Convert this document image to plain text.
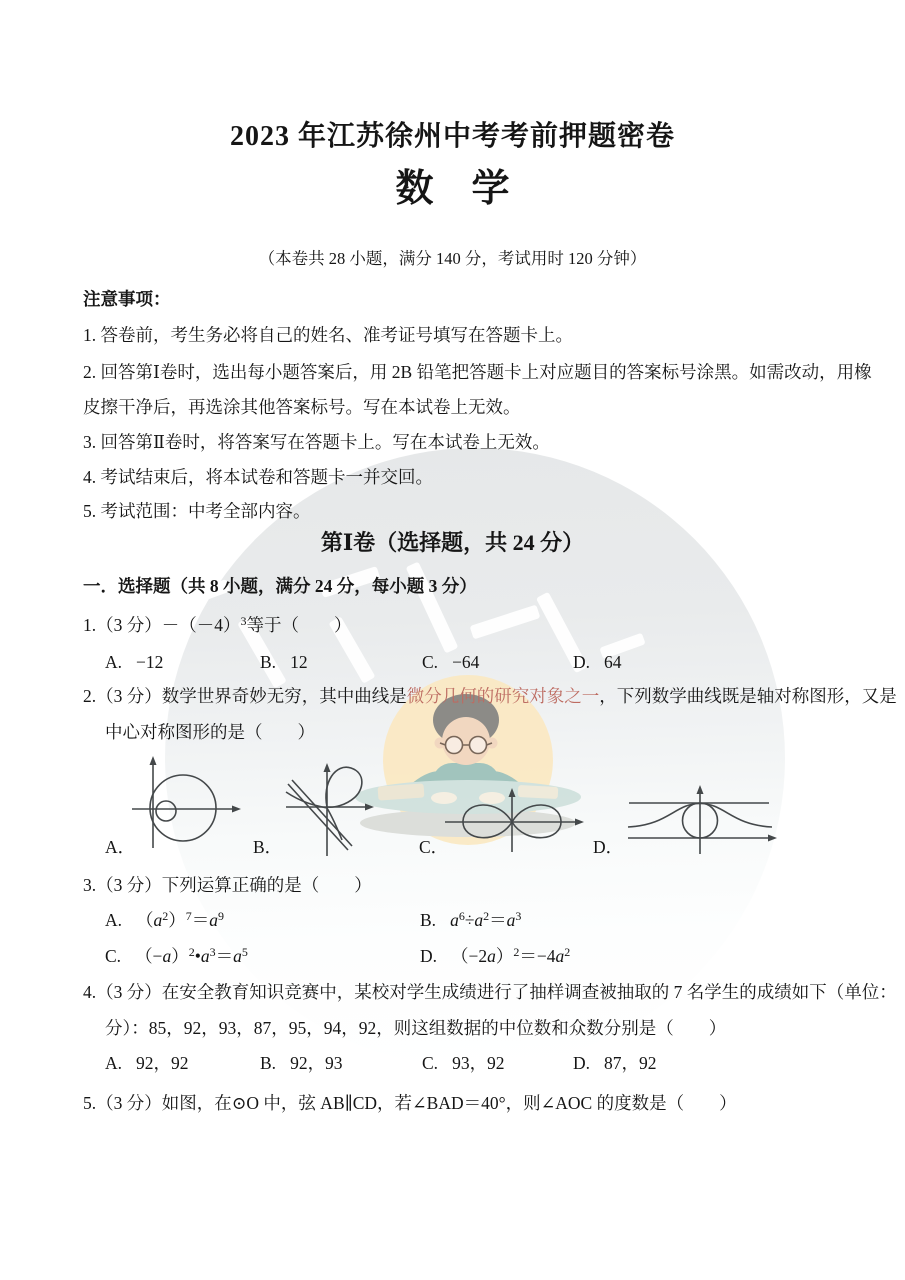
2023 年江苏徐州中考考前押题密卷
数　学
（本卷共 28 小题，满分 140 分，考试用时 120 分钟）
注意事项：
1. 答卷前，考生务必将自己的姓名、准考证号填写在答题卡上。
2. 回答第Ⅰ卷时，选出每小题答案后，用 2B 铅笔把答题卡上对应题目的答案标号涂黑。如需改动，用橡
皮擦干净后，再选涂其他答案标号。写在本试卷上无效。
3. 回答第Ⅱ卷时，将答案写在答题卡上。写在本试卷上无效。
4. 考试结束后，将本试卷和答题卡一并交回。
5. 考试范围：中考全部内容。
第Ⅰ卷（选择题，共 24 分）
一．选择题（共 8 小题，满分 24 分，每小题 3 分）
1.（3 分）$-(-4)^3$等于（　　）
A. −12	B. 12	C. −64	D. 64
2.（3 分）数学世界奇妙无穷，其中曲线是微分几何的研究对象之一，下列数学曲线既是轴对称图形，又是
中心对称图形的是（　　）
A．	B．	C．	D．
3.（3 分）下列运算正确的是（　　）
A. $(a^2)^7=a^9$	B. $a^6\div a^2=a^3$
C. $(-a)^2•a^3=a^5$	D. $(-2a)^2=-4a^2$
4.（3 分）在安全教育知识竞赛中，某校对学生成绩进行了抽样调查被抽取的 7 名学生的成绩如下（单位：
分）：85，92，93，87，95，94，92，则这组数据的中位数和众数分别是（　　）
A. 92，92	B. 92，93	C. 93，92	D. 87，92
5.（3 分）如图，在⊙O 中，弦 AB∥CD，若∠BAD＝40°，则∠AOC 的度数是（　　）
